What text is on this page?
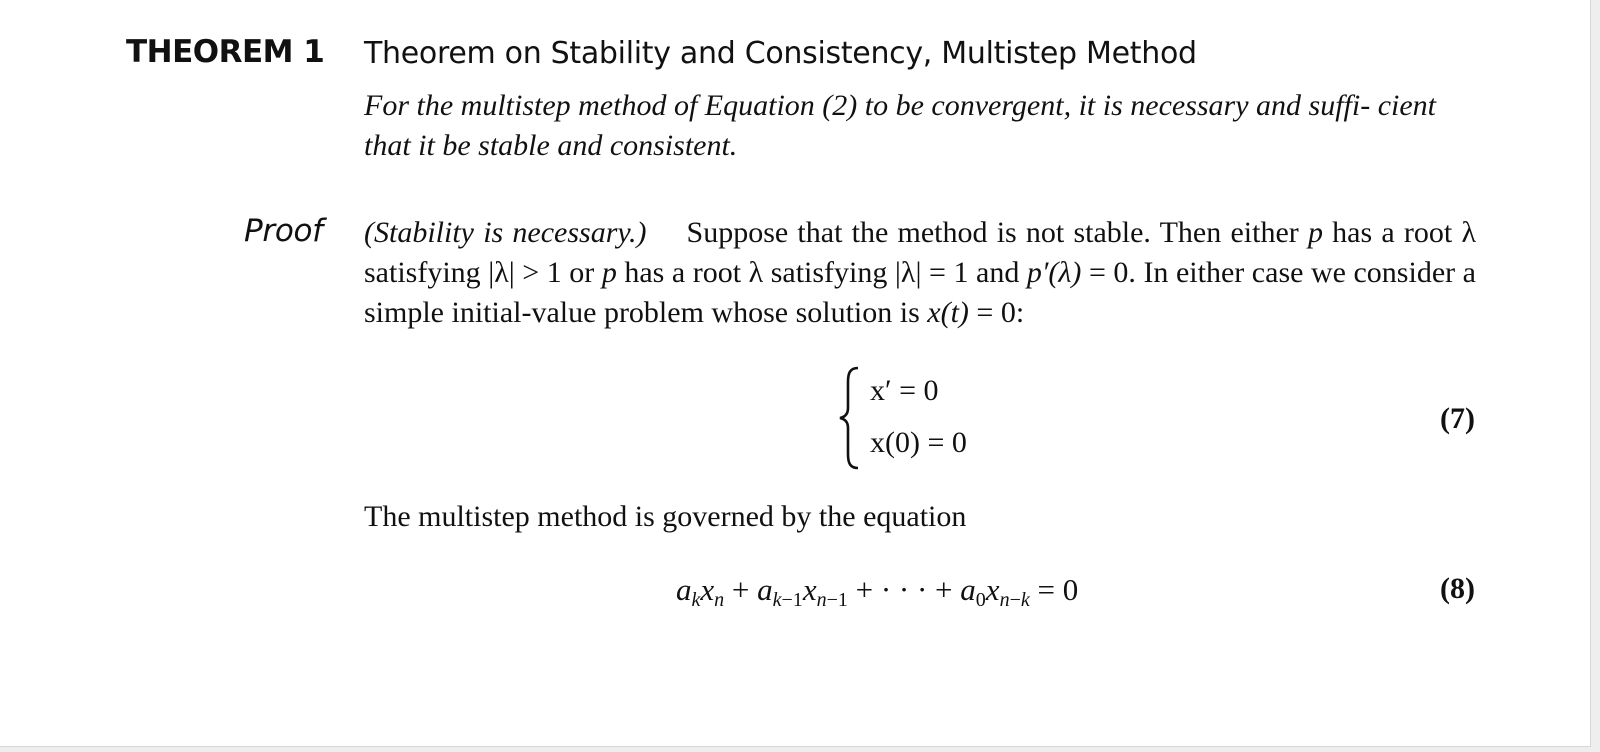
THEOREM 1 Theorem on Stability and Consistency, Multistep Method
For the multistep method of Equation (2) to be convergent, it is necessary and suffi- cient that it be stable and consistent.
Proof (Stability is necessary.) Suppose that the method is not stable. Then either p has a root λ satisfying |λ| > 1 or p has a root λ satisfying |λ| = 1 and p′(λ) = 0. In either case we consider a simple initial-value problem whose solution is x(t) = 0:
x′ = 0
x(0) = 0
(7)
The multistep method is governed by the equation
$a_kx_n + a_{k-1}x_{n-1}$ + · · · + $a_0x_{n-k} = 0$	(8)
